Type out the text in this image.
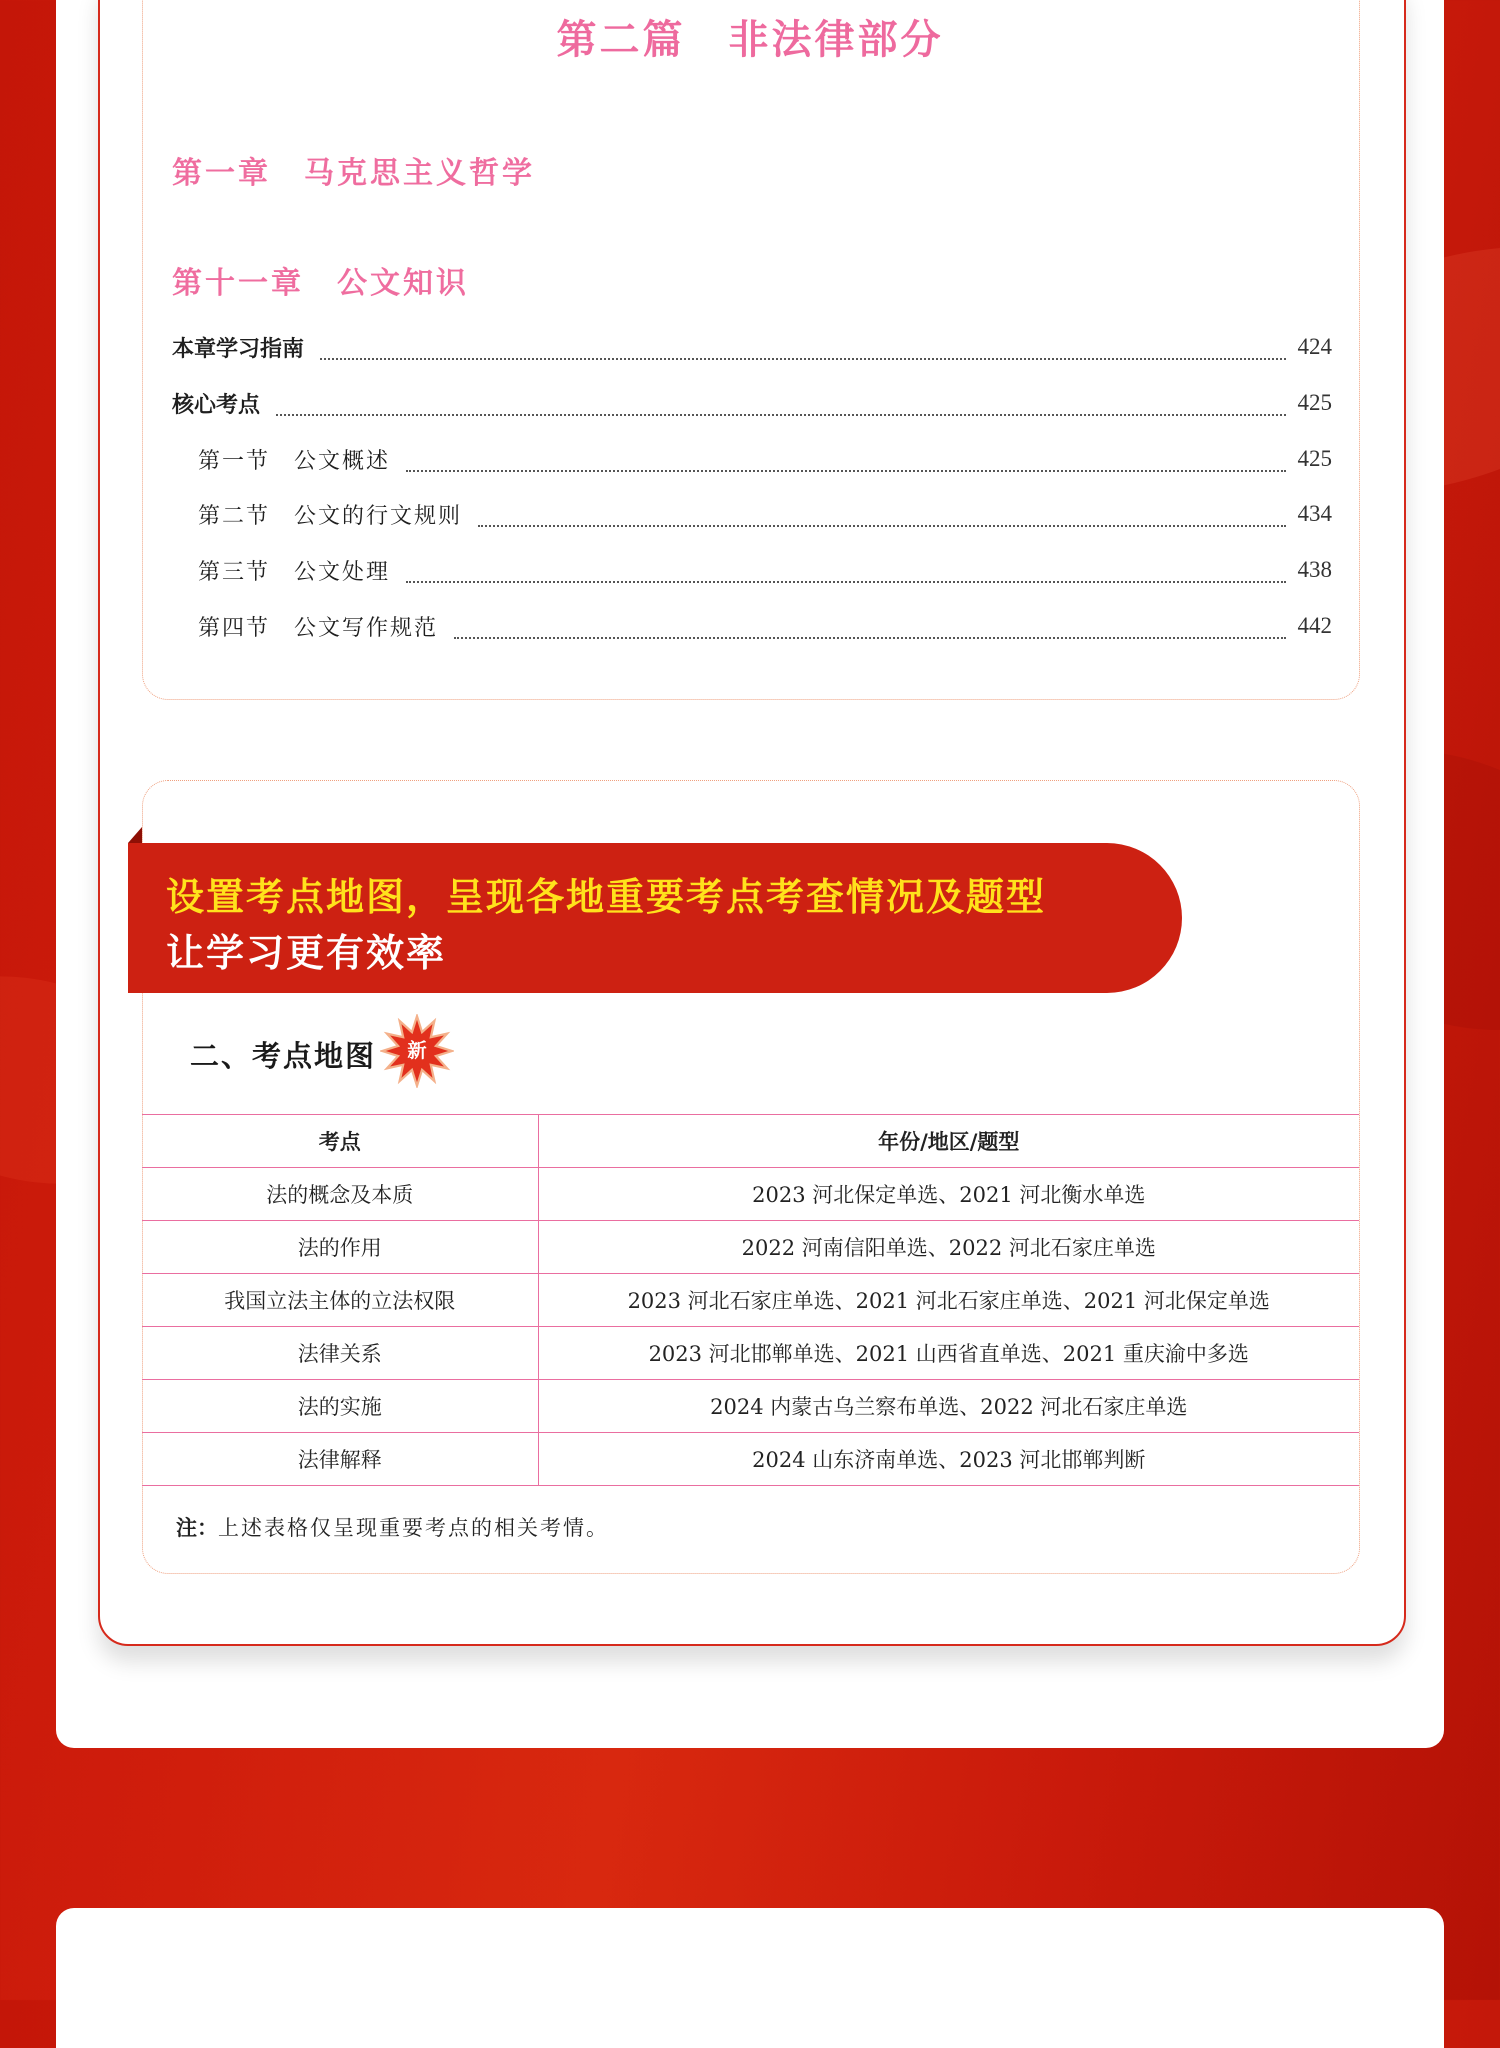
第二篇　非法律部分
第一章　马克思主义哲学
第十一章　公文知识
本章学习指南	424
核心考点	425
第一节　公文概述	425
第二节　公文的行文规则	434
第三节　公文处理	438
第四节　公文写作规范	442

设置考点地图，呈现各地重要考点考查情况及题型

让学习更有效率

二、考点地图 新
考点	年份/地区/题型
法的概念及本质	2023 河北保定单选、2021 河北衡水单选
法的作用	2022 河南信阳单选、2022 河北石家庄单选
我国立法主体的立法权限	2023 河北石家庄单选、2021 河北石家庄单选、2021 河北保定单选
法律关系	2023 河北邯郸单选、2021 山西省直单选、2021 重庆渝中多选
法的实施	2024 内蒙古乌兰察布单选、2022 河北石家庄单选
法律解释	2024 山东济南单选、2023 河北邯郸判断

注：上述表格仅呈现重要考点的相关考情。
